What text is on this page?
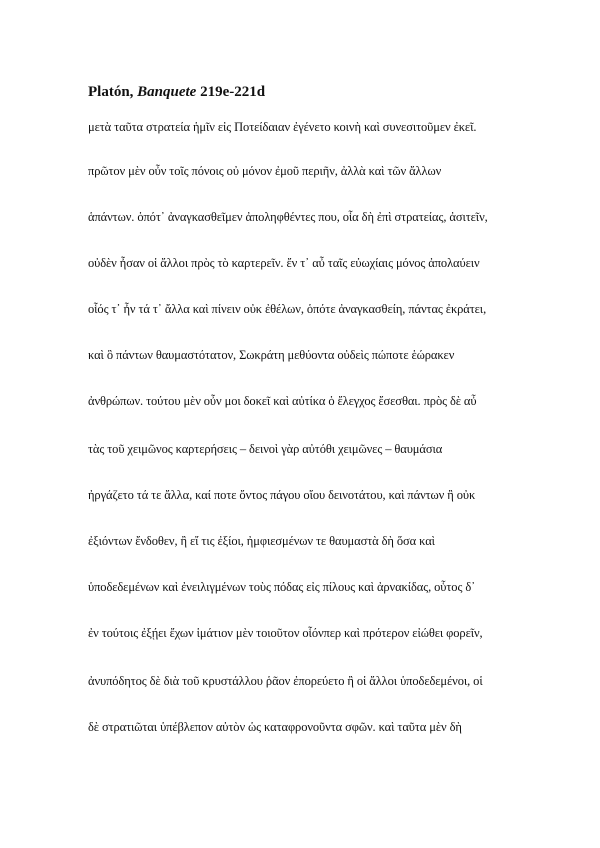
Platón, Banquete 219e-221d
μετὰ ταῦτα στρατεία ἡμῖν εἰς Ποτείδαιαν ἐγένετο κοινὴ καὶ συνεσιτοῦμεν ἐκεῖ.
πρῶτον μὲν οὖν τοῖς πόνοις οὐ μόνον ἐμοῦ περιῆν, ἀλλὰ καὶ τῶν ἄλλων
ἁπάντων. ὁπότ᾽ ἀναγκασθεῖμεν ἀποληφθέντες που, οἷα δὴ ἐπὶ στρατείας, ἀσιτεῖν,
οὐδὲν ἦσαν οἱ ἄλλοι πρὸς τὸ καρτερεῖν. ἔν τ᾽ αὖ ταῖς εὐωχίαις μόνος ἀπολαύειν
οἷός τ᾽ ἦν τά τ᾽ ἄλλα καὶ πίνειν οὐκ ἐθέλων, ὁπότε ἀναγκασθείη, πάντας ἐκράτει,
καὶ ὃ πάντων θαυμαστότατον, Σωκράτη μεθύοντα οὐδεὶς πώποτε ἑώρακεν
ἀνθρώπων. τούτου μὲν οὖν μοι δοκεῖ καὶ αὐτίκα ὁ ἔλεγχος ἔσεσθαι. πρὸς δὲ αὖ
τὰς τοῦ χειμῶνος καρτερήσεις – δεινοὶ γὰρ αὐτόθι χειμῶνες – θαυμάσια
ἠργάζετο τά τε ἄλλα, καί ποτε ὄντος πάγου οἵου δεινοτάτου, καὶ πάντων ἢ οὐκ
ἐξιόντων ἔνδοθεν, ἢ εἴ τις ἐξίοι, ἠμφιεσμένων τε θαυμαστὰ δὴ ὅσα καὶ
ὑποδεδεμένων καὶ ἐνειλιγμένων τοὺς πόδας εἰς πίλους καὶ ἀρνακίδας, οὗτος δ᾽
ἐν τούτοις ἐξῄει ἔχων ἱμάτιον μὲν τοιοῦτον οἷόνπερ καὶ πρότερον εἰώθει φορεῖν,
ἀνυπόδητος δὲ διὰ τοῦ κρυστάλλου ῥᾶον ἐπορεύετο ἢ οἱ ἄλλοι ὑποδεδεμένοι, οἱ
δὲ στρατιῶται ὑπέβλεπον αὐτὸν ὡς καταφρονοῦντα σφῶν. καὶ ταῦτα μὲν δὴ
